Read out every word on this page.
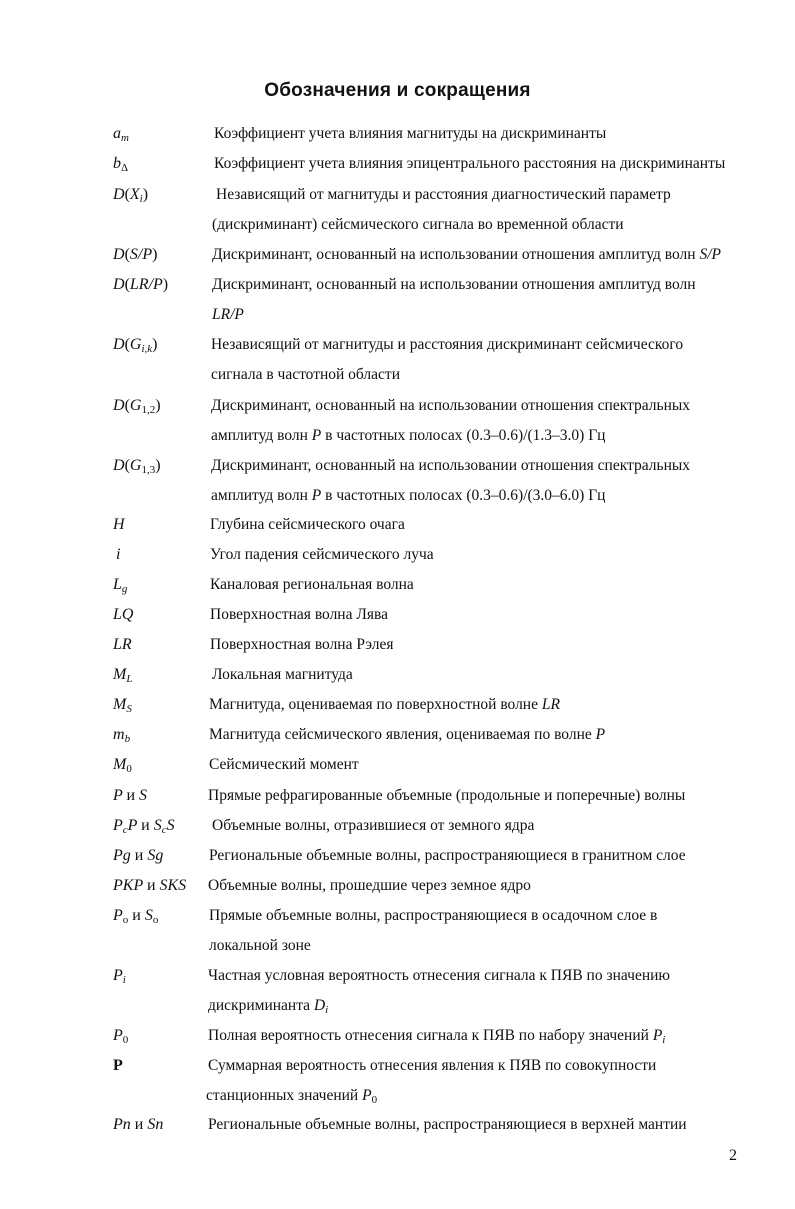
Обозначения и сокращения
$a_m$	Коэффициент учета влияния магнитуды на дискриминанты
$b_\Delta$	Коэффициент учета влияния эпицентрального расстояния на дискриминанты
$D(X_i)$	Независящий от магнитуды и расстояния диагностический параметр
(дискриминант) сейсмического сигнала во временной области
D(S/P)	Дискриминант, основанный на использовании отношения амплитуд волн S/P
D(LR/P)	Дискриминант, основанный на использовании отношения амплитуд волн
LR/P
$D(G_{i,k})$	Независящий от магнитуды и расстояния дискриминант сейсмического
сигнала в частотной области
$D(G_{1,2})$	Дискриминант, основанный на использовании отношения спектральных
амплитуд волн P в частотных полосах (0.3–0.6)/(1.3–3.0) Гц
$D(G_{1,3})$	Дискриминант, основанный на использовании отношения спектральных
амплитуд волн P в частотных полосах (0.3–0.6)/(3.0–6.0) Гц
H	Глубина сейсмического очага
i	Угол падения сейсмического луча
$L_g$	Каналовая региональная волна
LQ	Поверхностная волна Лява
LR	Поверхностная волна Рэлея
$M_L$	Локальная магнитуда
$M_S$	Магнитуда, оцениваемая по поверхностной волне LR
$m_b$	Магнитуда сейсмического явления, оцениваемая по волне P
$M_0$	Сейсмический момент
P и S	Прямые рефрагированные объемные (продольные и поперечные) волны
$P_cP$ и $S_cS$	Объемные волны, отразившиеся от земного ядра
Pg и Sg	Региональные объемные волны, распространяющиеся в гранитном слое
PKP и SKS	Объемные волны, прошедшие через земное ядро
$P_o$ и $S_o$	Прямые объемные волны, распространяющиеся в осадочном слое в
локальной зоне
$P_i$	Частная условная вероятность отнесения сигнала к ПЯВ по значению
дискриминанта $D_i$
$P_0$	Полная вероятность отнесения сигнала к ПЯВ по набору значений $P_i$
P	Суммарная вероятность отнесения явления к ПЯВ по совокупности
станционных значений $P_0$
Pn и Sn	Региональные объемные волны, распространяющиеся в верхней мантии
2
